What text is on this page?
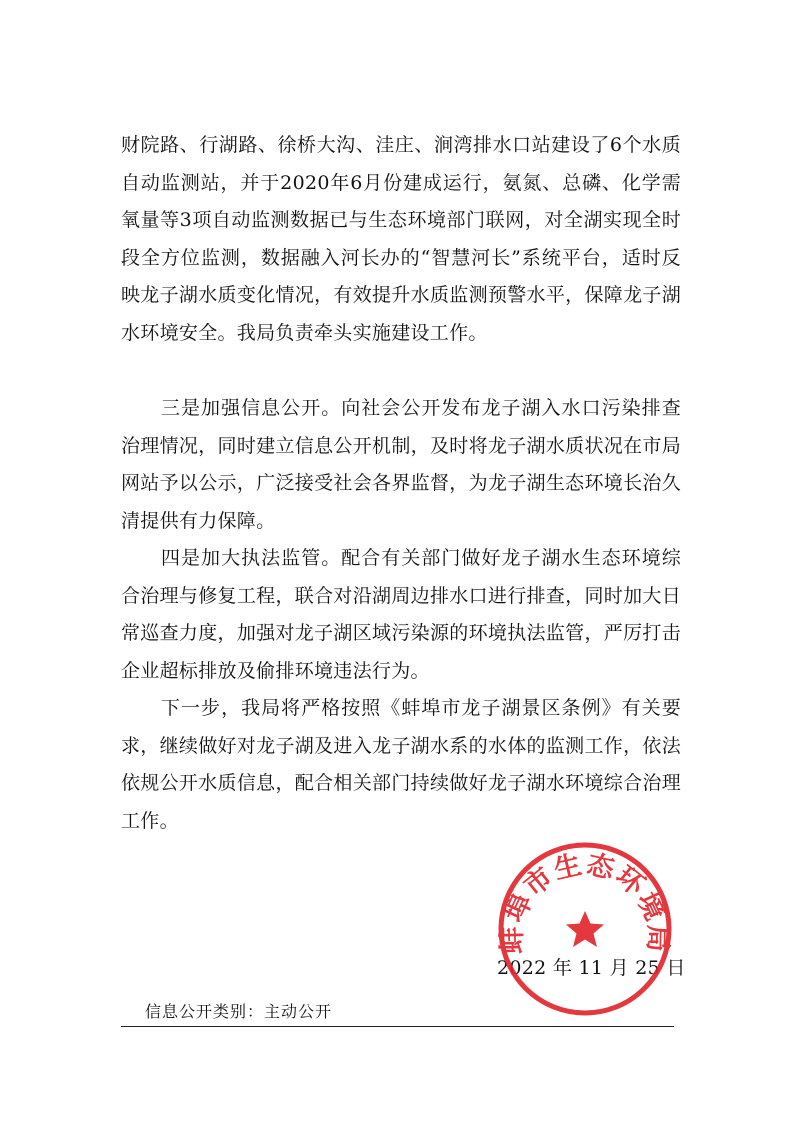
财院路、行湖路、徐桥大沟、洼庄、涧湾排水口站建设了6个水质自动监测站，并于2020年6月份建成运行，氨氮、总磷、化学需氧量等3项自动监测数据已与生态环境部门联网，对全湖实现全时段全方位监测，数据融入河长办的“智慧河长”系统平台，适时反映龙子湖水质变化情况，有效提升水质监测预警水平，保障龙子湖水环境安全。我局负责牵头实施建设工作。

三是加强信息公开。向社会公开发布龙子湖入水口污染排查治理情况，同时建立信息公开机制，及时将龙子湖水质状况在市局网站予以公示，广泛接受社会各界监督，为龙子湖生态环境长治久清提供有力保障。

四是加大执法监管。配合有关部门做好龙子湖水生态环境综合治理与修复工程，联合对沿湖周边排水口进行排查，同时加大日常巡查力度，加强对龙子湖区域污染源的环境执法监管，严厉打击企业超标排放及偷排环境违法行为。

下一步，我局将严格按照《蚌埠市龙子湖景区条例》有关要求，继续做好对龙子湖及进入龙子湖水系的水体的监测工作，依法依规公开水质信息，配合相关部门持续做好龙子湖水环境综合治理工作。

2022 年 11 月 25 日
蚌埠市生态环境局
信息公开类别：主动公开
